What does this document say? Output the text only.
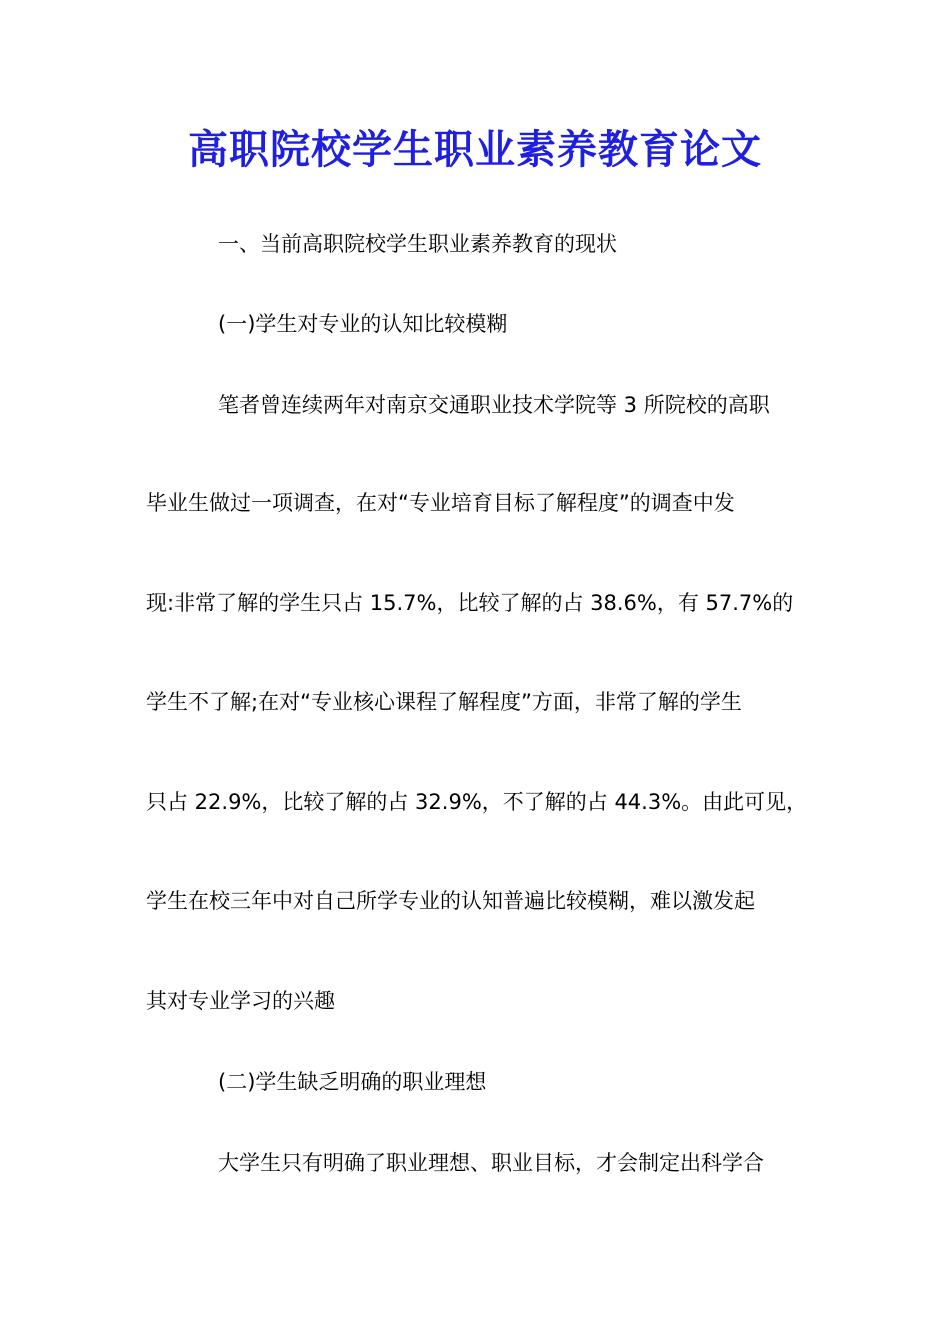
高职院校学生职业素养教育论文
一、当前高职院校学生职业素养教育的现状
(一)学生对专业的认知比较模糊
笔者曾连续两年对南京交通职业技术学院等 3 所院校的高职
毕业生做过一项调查，在对“专业培育目标了解程度”的调查中发
现:非常了解的学生只占 15.7%，比较了解的占 38.6%，有 57.7%的
学生不了解;在对“专业核心课程了解程度”方面，非常了解的学生
只占 22.9%，比较了解的占 32.9%，不了解的占 44.3%。由此可见，
学生在校三年中对自己所学专业的认知普遍比较模糊，难以激发起
其对专业学习的兴趣
(二)学生缺乏明确的职业理想
大学生只有明确了职业理想、职业目标，才会制定出科学合
